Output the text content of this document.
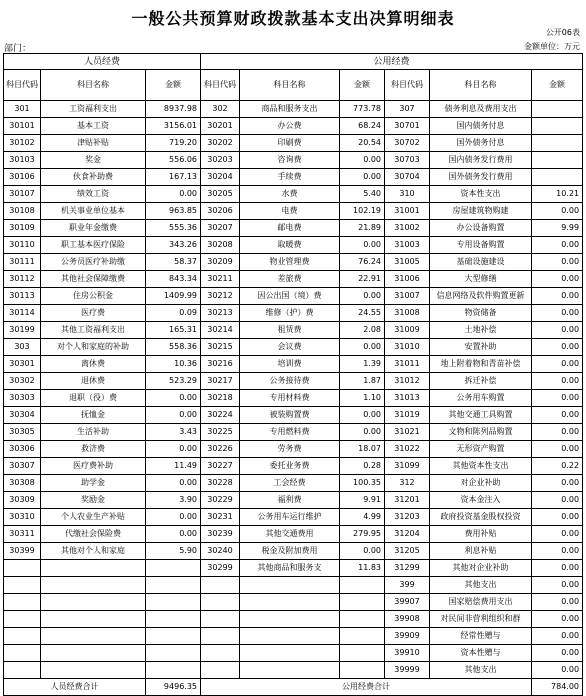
一般公共预算财政拨款基本支出决算明细表
公开06表
部门：	金额单位：万元
人员经费			公用经费					
科目代码	科目名称	金额	科目代码	科目名称	金额	科目代码	科目名称	金额
301	工资福利支出	8937.98	302	商品和服务支出	773.78	307	债务利息及费用支出	
30101	基本工资	3156.01	30201	办公费	68.24	30701	国内债务付息	
30102	津贴补贴	719.20	30202	印刷费	20.54	30702	国外债务付息	
30103	奖金	556.06	30203	咨询费	0.00	30703	国内债务发行费用	
30106	伙食补助费	167.13	30204	手续费	0.00	30704	国外债务发行费用	
30107	绩效工资	0.00	30205	水费	5.40	310	资本性支出	10.21
30108	机关事业单位基本	963.85	30206	电费	102.19	31001	房屋建筑物购建	0.00
30109	职业年金缴费	555.36	30207	邮电费	21.89	31002	办公设备购置	9.99
30110	职工基本医疗保险	343.26	30208	取暖费	0.00	31003	专用设备购置	0.00
30111	公务员医疗补助缴	58.37	30209	物业管理费	76.24	31005	基础设施建设	0.00
30112	其他社会保障缴费	843.34	30211	差旅费	22.91	31006	大型修缮	0.00
30113	住房公积金	1409.99	30212	因公出国（境）费	0.00	31007	信息网络及软件购置更新	0.00
30114	医疗费	0.09	30213	维修（护）费	24.55	31008	物资储备	0.00
30199	其他工资福利支出	165.31	30214	租赁费	2.08	31009	土地补偿	0.00
303	对个人和家庭的补助	558.36	30215	会议费	0.00	31010	安置补助	0.00
30301	离休费	10.36	30216	培训费	1.39	31011	地上附着物和青苗补偿	0.00
30302	退休费	523.29	30217	公务接待费	1.87	31012	拆迁补偿	0.00
30303	退职（役）费	0.00	30218	专用材料费	1.10	31013	公务用车购置	0.00
30304	抚恤金	0.00	30224	被装购置费	0.00	31019	其他交通工具购置	0.00
30305	生活补助	3.43	30225	专用燃料费	0.00	31021	文物和陈列品购置	0.00
30306	救济费	0.00	30226	劳务费	18.07	31022	无形资产购置	0.00
30307	医疗费补助	11.49	30227	委托业务费	0.28	31099	其他资本性支出	0.22
30308	助学金	0.00	30228	工会经费	100.35	312	对企业补助	0.00
30309	奖励金	3.90	30229	福利费	9.91	31201	资本金注入	0.00
30310	个人农业生产补贴	0.00	30231	公务用车运行维护	4.99	31203	政府投资基金股权投资	0.00
30311	代缴社会保险费	0.00	30239	其他交通费用	279.95	31204	费用补贴	0.00
30399	其他对个人和家庭	5.90	30240	税金及附加费用	0.00	31205	利息补贴	0.00
			30299	其他商品和服务支	11.83	31299	其他对企业补助	0.00
						399	其他支出	0.00
						39907	国家赔偿费用支出	0.00
						39908	对民间非营利组织和群	0.00
						39909	经常性赠与	0.00
						39910	资本性赠与	0.00
						39999	其他支出	0.00
人员经费合计		9496.35	公用经费合计					784.00
